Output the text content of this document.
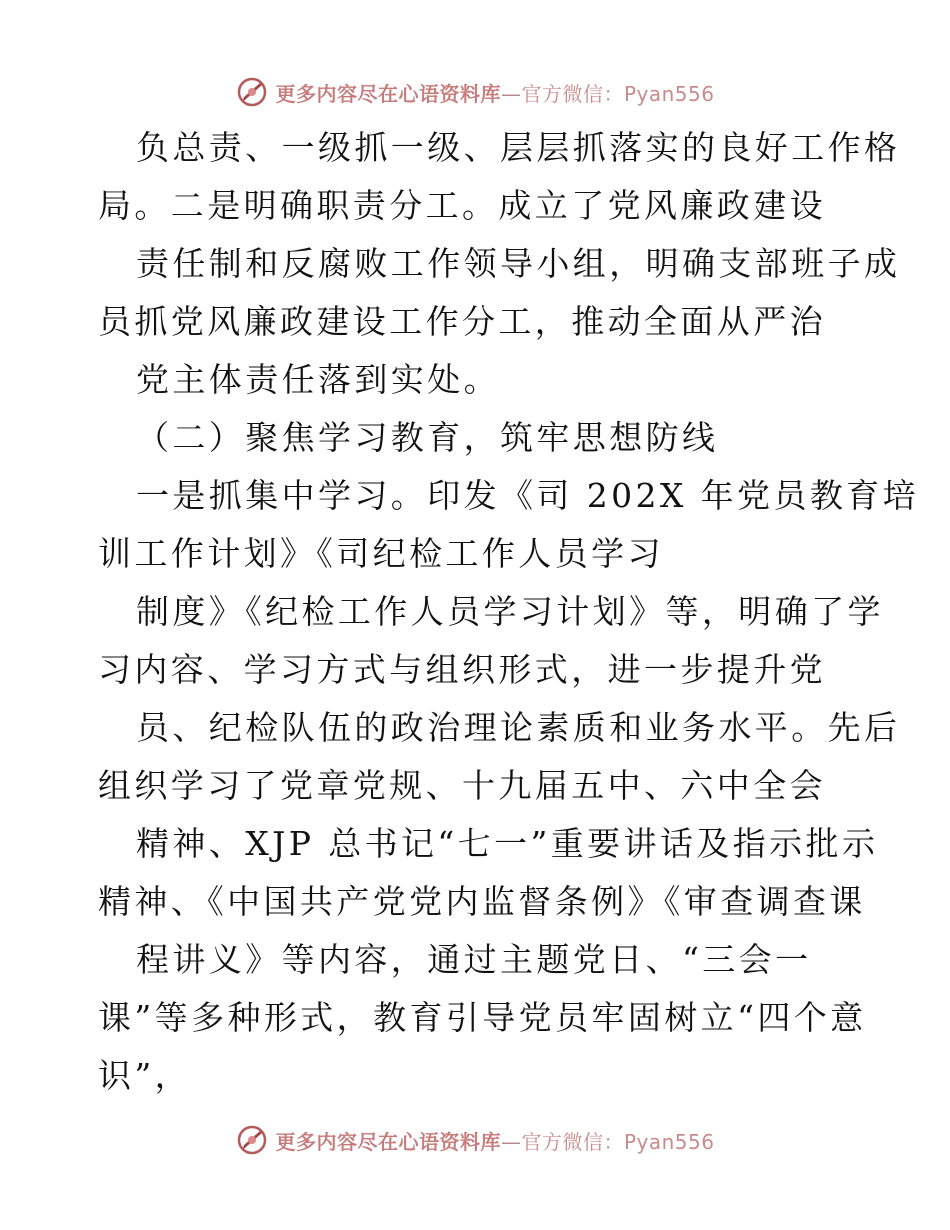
更多内容尽在心语资料库—官方微信：Pyan556
负总责、一级抓一级、层层抓落实的良好工作格
局。二是明确职责分工。成立了党风廉政建设
责任制和反腐败工作领导小组，明确支部班子成
员抓党风廉政建设工作分工，推动全面从严治
党主体责任落到实处。
（二）聚焦学习教育，筑牢思想防线
一是抓集中学习。印发《司 202X 年党员教育培
训工作计划》《司纪检工作人员学习
制度》《纪检工作人员学习计划》等，明确了学
习内容、学习方式与组织形式，进一步提升党
员、纪检队伍的政治理论素质和业务水平。先后
组织学习了党章党规、十九届五中、六中全会
精神、XJP 总书记“七一”重要讲话及指示批示
精神、《中国共产党党内监督条例》《审查调查课
程讲义》等内容，通过主题党日、“三会一
课”等多种形式，教育引导党员牢固树立“四个意
识”，
更多内容尽在心语资料库—官方微信：Pyan556
